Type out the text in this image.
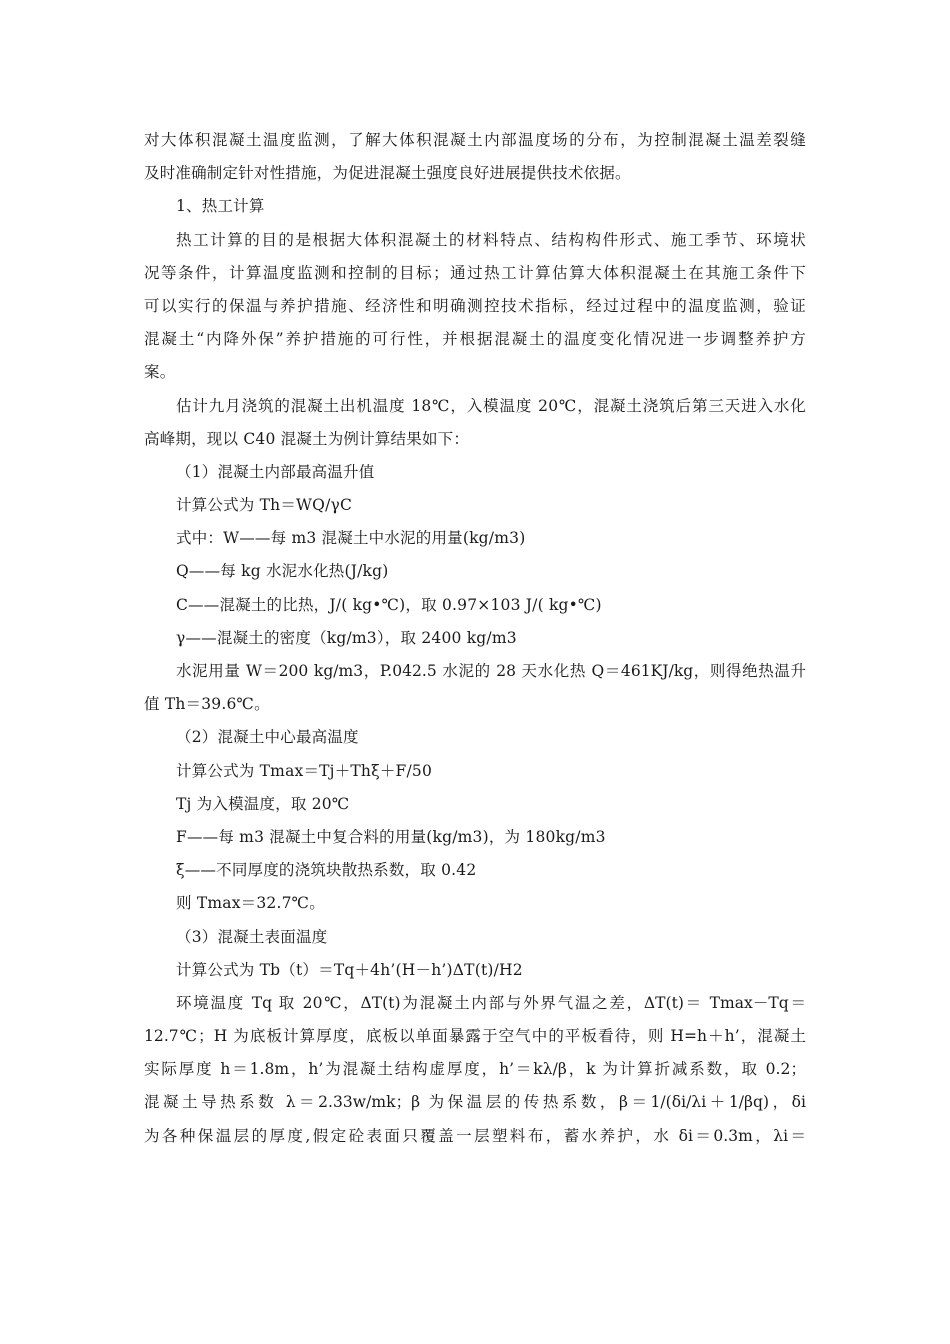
对大体积混凝土温度监测，了解大体积混凝土内部温度场的分布，为控制混凝土温差裂缝
及时准确制定针对性措施，为促进混凝土强度良好进展提供技术依据。
1、热工计算
热工计算的目的是根据大体积混凝土的材料特点、结构构件形式、施工季节、环境状
况等条件，计算温度监测和控制的目标；通过热工计算估算大体积混凝土在其施工条件下
可以实行的保温与养护措施、经济性和明确测控技术指标，经过过程中的温度监测，验证
混凝土“内降外保”养护措施的可行性，并根据混凝土的温度变化情况进一步调整养护方
案。
估计九月浇筑的混凝土出机温度 18℃，入模温度 20℃，混凝土浇筑后第三天进入水化
高峰期，现以 C40 混凝土为例计算结果如下：
（1）混凝土内部最高温升值
计算公式为 Th＝WQ/γC
式中：W——每 m3 混凝土中水泥的用量(kg/m3)
Q——每 kg 水泥水化热(J/kg)
C——混凝土的比热，J/( kg•℃)，取 0.97×103 J/( kg•℃)
γ——混凝土的密度（kg/m3），取 2400 kg/m3
水泥用量 W＝200 kg/m3，P.042.5 水泥的 28 天水化热 Q＝461KJ/kg，则得绝热温升
值 Th＝39.6℃。
（2）混凝土中心最高温度
计算公式为 Tmax＝Tj＋Thξ＋F/50
Tj 为入模温度，取 20℃
F——每 m3 混凝土中复合料的用量(kg/m3)，为 180kg/m3
ξ——不同厚度的浇筑块散热系数，取 0.42
则 Tmax＝32.7℃。
（3）混凝土表面温度
计算公式为 Tb（t）＝Tq＋4h’(H－h’)ΔT(t)/H2
环境温度 Tq 取 20℃，ΔT(t)为混凝土内部与外界气温之差，ΔT(t)＝ Tmax－Tq＝
12.7℃；H 为底板计算厚度，底板以单面暴露于空气中的平板看待，则 H=h＋h’，混凝土
实际厚度 h＝1.8m，h’为混凝土结构虚厚度，h’＝kλ/β，k 为计算折减系数，取 0.2；
混凝土导热系数 λ＝2.33w/mk；β 为保温层的传热系数，β＝1/(δi/λi＋1/βq)，δi
为各种保温层的厚度,假定砼表面只覆盖一层塑料布，蓄水养护，水 δi＝0.3m，λi＝
